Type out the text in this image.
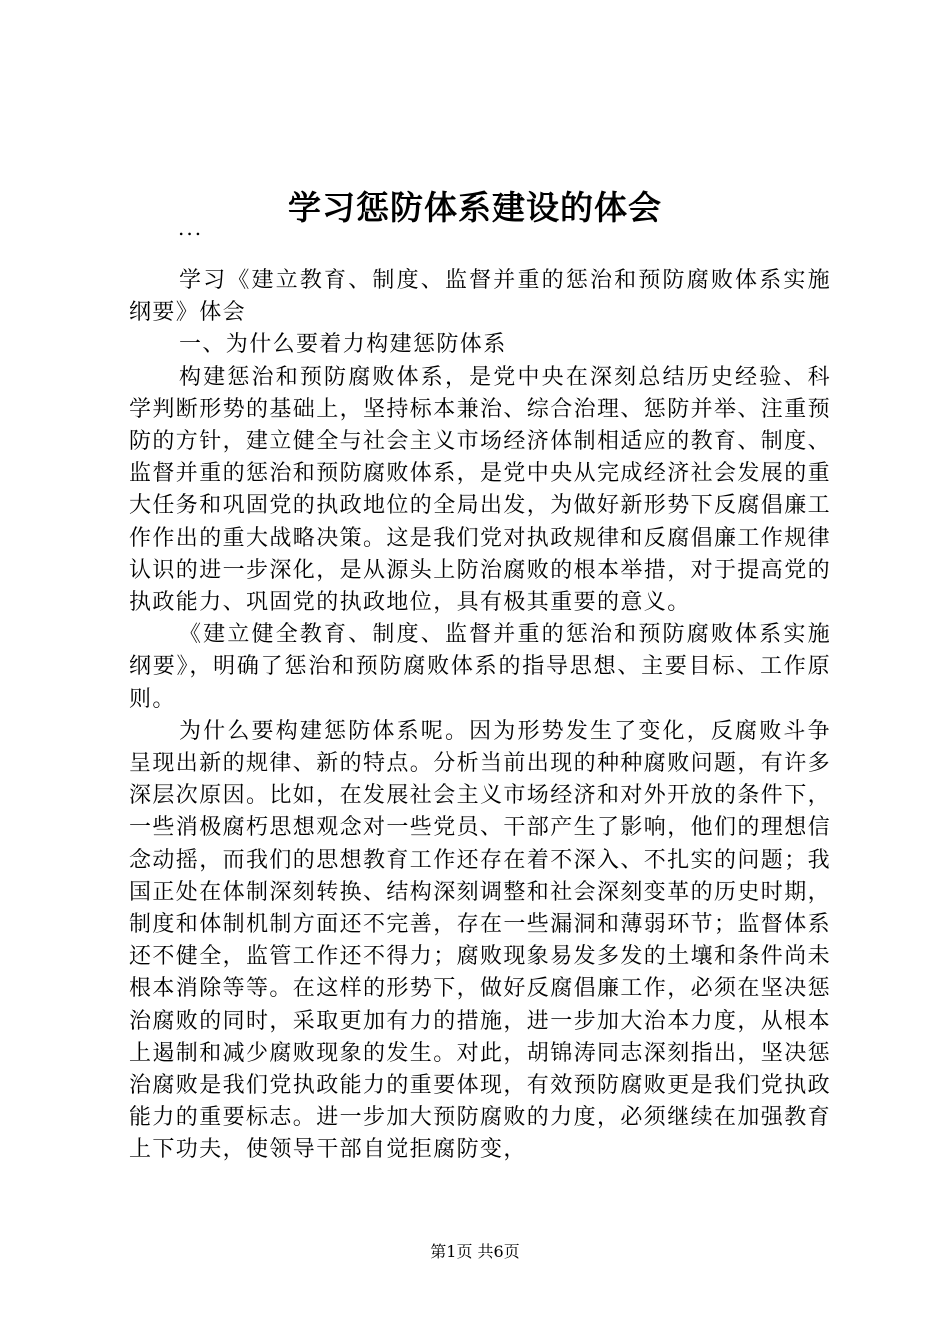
学习惩防体系建设的体会
...

学习《建立教育、制度、监督并重的惩治和预防腐败体系实施纲要》体会

一、为什么要着力构建惩防体系

构建惩治和预防腐败体系，是党中央在深刻总结历史经验、科学判断形势的基础上，坚持标本兼治、综合治理、惩防并举、注重预防的方针，建立健全与社会主义市场经济体制相适应的教育、制度、监督并重的惩治和预防腐败体系，是党中央从完成经济社会发展的重大任务和巩固党的执政地位的全局出发，为做好新形势下反腐倡廉工作作出的重大战略决策。这是我们党对执政规律和反腐倡廉工作规律认识的进一步深化，是从源头上防治腐败的根本举措，对于提高党的执政能力、巩固党的执政地位，具有极其重要的意义。

《建立健全教育、制度、监督并重的惩治和预防腐败体系实施纲要》，明确了惩治和预防腐败体系的指导思想、主要目标、工作原则。

为什么要构建惩防体系呢。因为形势发生了变化，反腐败斗争呈现出新的规律、新的特点。分析当前出现的种种腐败问题，有许多深层次原因。比如，在发展社会主义市场经济和对外开放的条件下，一些消极腐朽思想观念对一些党员、干部产生了影响，他们的理想信念动摇，而我们的思想教育工作还存在着不深入、不扎实的问题；我国正处在体制深刻转换、结构深刻调整和社会深刻变革的历史时期，制度和体制机制方面还不完善，存在一些漏洞和薄弱环节；监督体系还不健全，监管工作还不得力；腐败现象易发多发的土壤和条件尚未根本消除等等。在这样的形势下，做好反腐倡廉工作，必须在坚决惩治腐败的同时，采取更加有力的措施，进一步加大治本力度，从根本上遏制和减少腐败现象的发生。对此，胡锦涛同志深刻指出，坚决惩治腐败是我们党执政能力的重要体现，有效预防腐败更是我们党执政能力的重要标志。进一步加大预防腐败的力度，必须继续在加强教育上下功夫，使领导干部自觉拒腐防变，

第1页 共6页
